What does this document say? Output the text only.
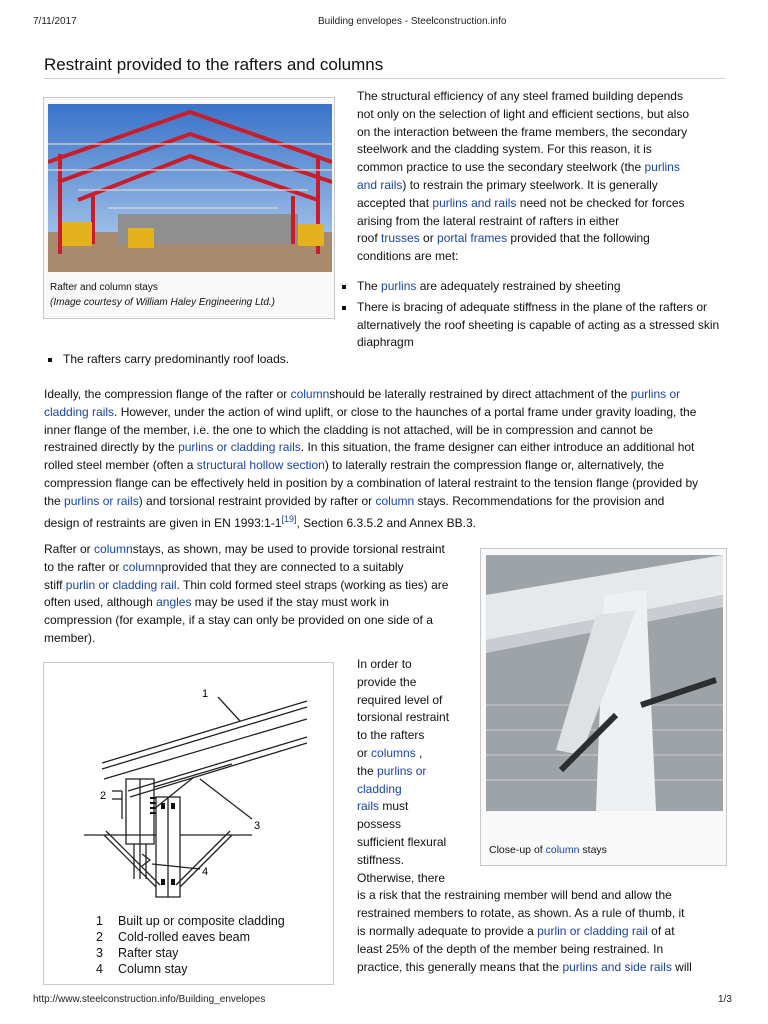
7/11/2017	Building envelopes - Steelconstruction.info
http://www.steelconstruction.info/Building_envelopes	1/3
Restraint provided to the rafters and columns
Rafter and column stays
(Image courtesy of William Haley Engineering Ltd.)
The structural efficiency of any steel framed building depends
not only on the selection of light and efficient sections, but also
on the interaction between the frame members, the secondary
steelwork and the cladding system. For this reason, it is
common practice to use the secondary steelwork (the purlins
and rails) to restrain the primary steelwork. It is generally
accepted that purlins and rails need not be checked for forces
arising from the lateral restraint of rafters in either
roof trusses or portal frames provided that the following
conditions are met:
The purlins are adequately restrained by sheeting
There is bracing of adequate stiffness in the plane of the rafters or
alternatively the roof sheeting is capable of acting as a stressed skin
diaphragm
The rafters carry predominantly roof loads.
Ideally, the compression flange of the rafter or columnshould be laterally restrained by direct attachment of the purlins or
cladding rails. However, under the action of wind uplift, or close to the haunches of a portal frame under gravity loading, the
inner flange of the member, i.e. the one to which the cladding is not attached, will be in compression and cannot be
restrained directly by the purlins or cladding rails. In this situation, the frame designer can either introduce an additional hot
rolled steel member (often a structural hollow section) to laterally restrain the compression flange or, alternatively, the
compression flange can be effectively held in position by a combination of lateral restraint to the tension flange (provided by
the purlins or rails) and torsional restraint provided by rafter or column stays. Recommendations for the provision and
design of restraints are given in EN 1993:1-1[19], Section 6.3.5.2 and Annex BB.3.
Rafter or columnstays, as shown, may be used to provide torsional restraint
to the rafter or columnprovided that they are connected to a suitably
stiff purlin or cladding rail. Thin cold formed steel straps (working as ties) are
often used, although angles may be used if the stay must work in
compression (for example, if a stay can only be provided on one side of a
member).
Close-up of column stays
1
2
3
4
1 Built up or composite cladding
2 Cold-rolled eaves beam
3 Rafter stay
4 Column stay
In order to
provide the
required level of
torsional restraint
to the rafters
or columns ,
the purlins or
cladding
rails must
possess
sufficient flexural
stiffness.
Otherwise, there
is a risk that the restraining member will bend and allow the
restrained members to rotate, as shown. As a rule of thumb, it
is normally adequate to provide a purlin or cladding rail of at
least 25% of the depth of the member being restrained. In
practice, this generally means that the purlins and side rails will
